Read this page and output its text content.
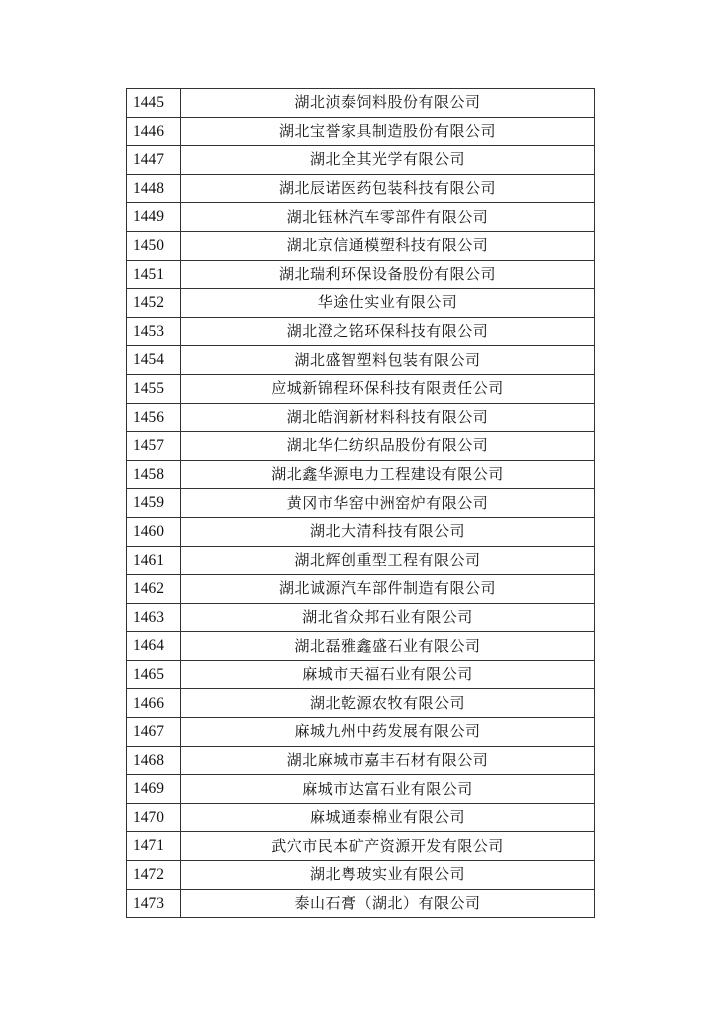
1445	湖北浈泰饲料股份有限公司
1446	湖北宝誉家具制造股份有限公司
1447	湖北全其光学有限公司
1448	湖北辰诺医药包装科技有限公司
1449	湖北钰林汽车零部件有限公司
1450	湖北京信通模塑科技有限公司
1451	湖北瑞利环保设备股份有限公司
1452	华途仕实业有限公司
1453	湖北澄之铭环保科技有限公司
1454	湖北盛智塑料包装有限公司
1455	应城新锦程环保科技有限责任公司
1456	湖北皓润新材料科技有限公司
1457	湖北华仁纺织品股份有限公司
1458	湖北鑫华源电力工程建设有限公司
1459	黄冈市华窑中洲窑炉有限公司
1460	湖北大清科技有限公司
1461	湖北辉创重型工程有限公司
1462	湖北诚源汽车部件制造有限公司
1463	湖北省众邦石业有限公司
1464	湖北磊雅鑫盛石业有限公司
1465	麻城市天福石业有限公司
1466	湖北乾源农牧有限公司
1467	麻城九州中药发展有限公司
1468	湖北麻城市嘉丰石材有限公司
1469	麻城市达富石业有限公司
1470	麻城通泰棉业有限公司
1471	武穴市民本矿产资源开发有限公司
1472	湖北粤玻实业有限公司
1473	泰山石膏（湖北）有限公司
